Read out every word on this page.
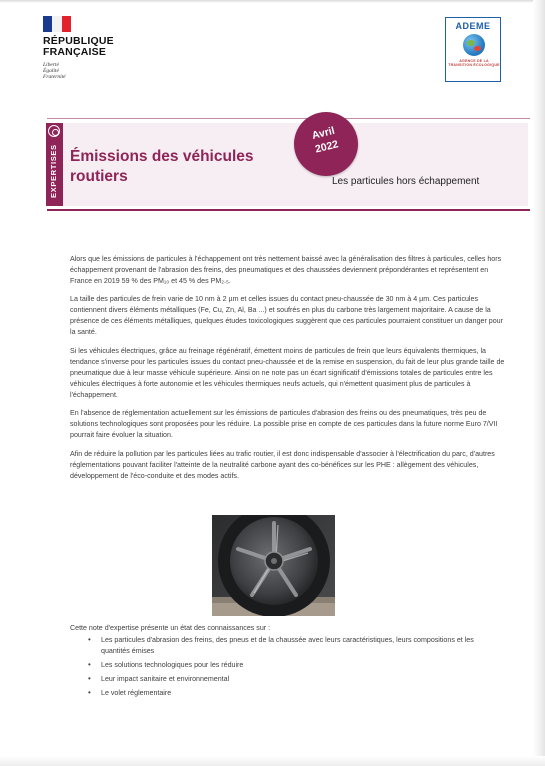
RÉPUBLIQUE
FRANÇAISE
Liberté
Égalité
Fraternité
ADEME
AGENCE DE LA TRANSITION ÉCOLOGIQUE
EXPERTISES Émissions des véhicules routiers
Avril
2022
Les particules hors échappement

Alors que les émissions de particules à l'échappement ont très nettement baissé avec la généralisation des filtres à particules, celles hors échappement provenant de l'abrasion des freins, des pneumatiques et des chaussées deviennent prépondérantes et représentent en France en 2019 59 % des PM₁₀ et 45 % des PM₂.₅.

La taille des particules de frein varie de 10 nm à 2 µm et celles issues du contact pneu-chaussée de 30 nm à 4 µm. Ces particules contiennent divers éléments métalliques (Fe, Cu, Zn, Al, Ba ...) et soufrés en plus du carbone très largement majoritaire. A cause de la présence de ces éléments métalliques, quelques études toxicologiques suggèrent que ces particules pourraient constituer un danger pour la santé.

Si les véhicules électriques, grâce au freinage régénératif, émettent moins de particules de frein que leurs équivalents thermiques, la tendance s'inverse pour les particules issues du contact pneu-chaussée et de la remise en suspension, du fait de leur plus grande taille de pneumatique due à leur masse véhicule supérieure. Ainsi on ne note pas un écart significatif d'émissions totales de particules entre les véhicules électriques à forte autonomie et les véhicules thermiques neufs actuels, qui n'émettent quasiment plus de particules à l'échappement.

En l'absence de réglementation actuellement sur les émissions de particules d'abrasion des freins ou des pneumatiques, très peu de solutions technologiques sont proposées pour les réduire. La possible prise en compte de ces particules dans la future norme Euro 7/VII pourrait faire évoluer la situation.

Afin de réduire la pollution par les particules liées au trafic routier, il est donc indispensable d'associer à l'électrification du parc, d'autres réglementations pouvant faciliter l'atteinte de la neutralité carbone ayant des co-bénéfices sur les PHE : allègement des véhicules, développement de l'éco-conduite et des modes actifs.

Cette note d'expertise présente un état des connaissances sur :
• Les particules d'abrasion des freins, des pneus et de la chaussée avec leurs caractéristiques, leurs compositions et les quantités émises
• Les solutions technologiques pour les réduire
• Leur impact sanitaire et environnemental
• Le volet réglementaire
